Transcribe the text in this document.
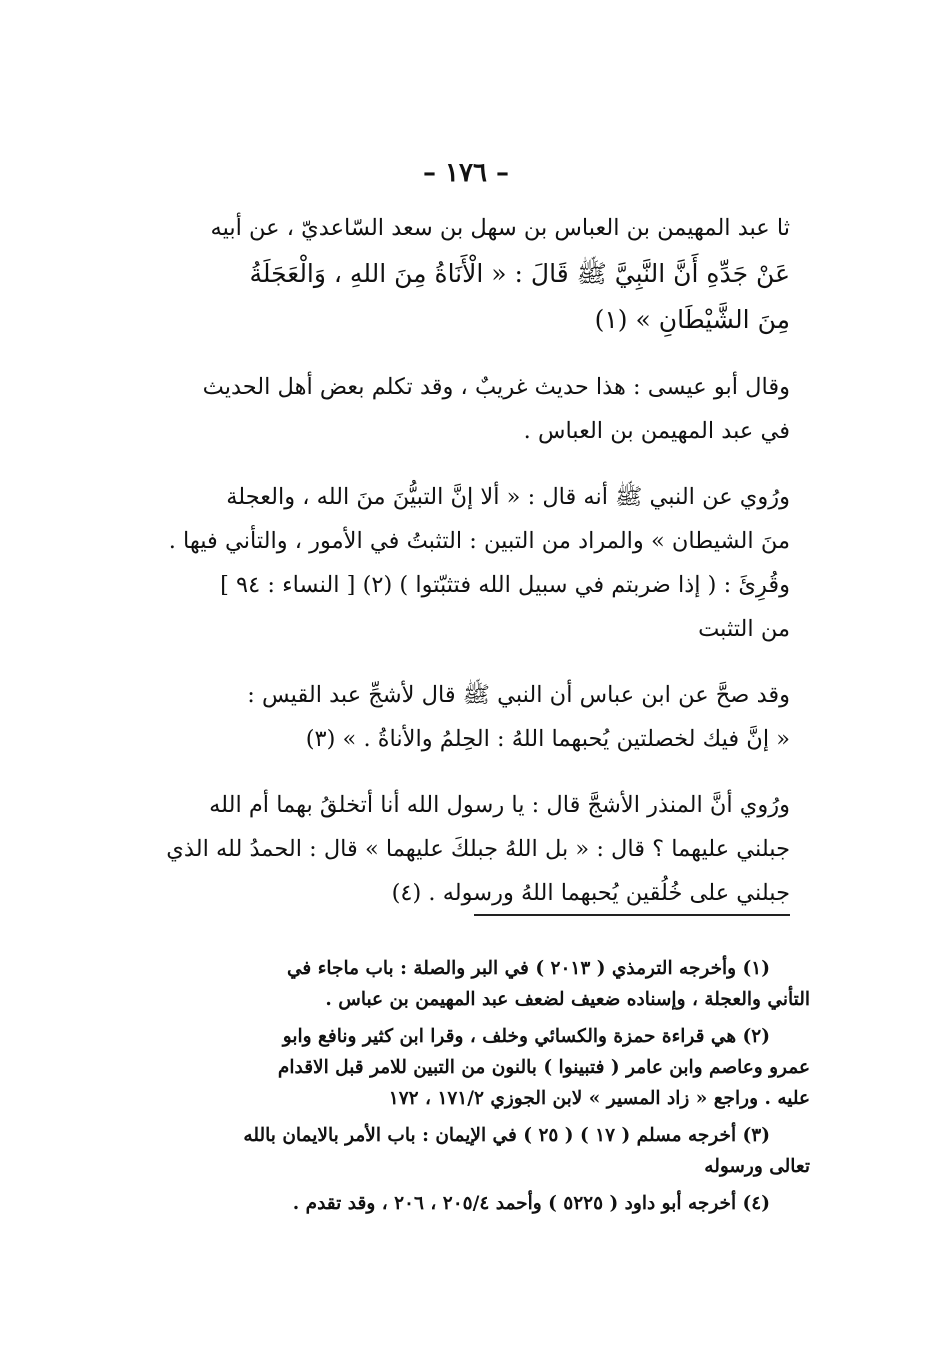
– ١٧٦ –
ثا عبد المهيمن بن العباس بن سهل بن سعد السّاعديّ ، عن أبيه
عَنْ جَدِّهِ أَنَّ النَّبِيَّ ﷺ قَالَ : « الْأَنَاةُ مِنَ اللهِ ، وَالْعَجَلَةُ
مِنَ الشَّيْطَانِ » (١)
وقال أبو عيسى : هذا حديث غريبٌ ، وقد تكلم بعض أهل الحديث
في عبد المهيمن بن العباس .
ورُوي عن النبي ﷺ أنه قال : « ألا إنَّ التبيُّنَ منَ الله ، والعجلة
منَ الشيطان » والمراد من التبين : التثبتُ في الأمور ، والتأني فيها .
وقُرِئَ : ( إذا ضربتم في سبيل الله فتثبّتوا ) (٢) [ النساء : ٩٤ ]
من التثبت
وقد صحَّ عن ابن عباس أن النبي ﷺ قال لأشجِّ عبد القيس :
« إنَّ فيك لخصلتين يُحبهما اللهُ : الحِلمُ والأناةُ . » (٣)
ورُوي أنَّ المنذر الأشجَّ قال : يا رسول الله أنا أتخلقُ بهما أم الله
جبلني عليهما ؟ قال : « بل اللهُ جبلكَ عليهما » قال : الحمدُ لله الذي
جبلني على خُلُقين يُحبهما اللهُ ورسوله . (٤)
(١) وأخرجه الترمذي ( ٢٠١٣ ) في البر والصلة : باب ماجاء في
التأني والعجلة ، وإسناده ضعيف لضعف عبد المهيمن بن عباس .
(٢) هي قراءة حمزة والكسائي وخلف ، وقرا ابن كثير ونافع وابو
عمرو وعاصم وابن عامر ( فتبينوا ) بالنون من التبين للامر قبل الاقدام
عليه . وراجع « زاد المسير » لابن الجوزي ١٧١/٢ ، ١٧٢
(٣) أخرجه مسلم ( ١٧ ) ( ٢٥ ) في الإيمان : باب الأمر بالايمان بالله
تعالى ورسوله
(٤) أخرجه أبو داود ( ٥٢٢٥ ) وأحمد ٢٠٥/٤ ، ٢٠٦ ، وقد تقدم .
